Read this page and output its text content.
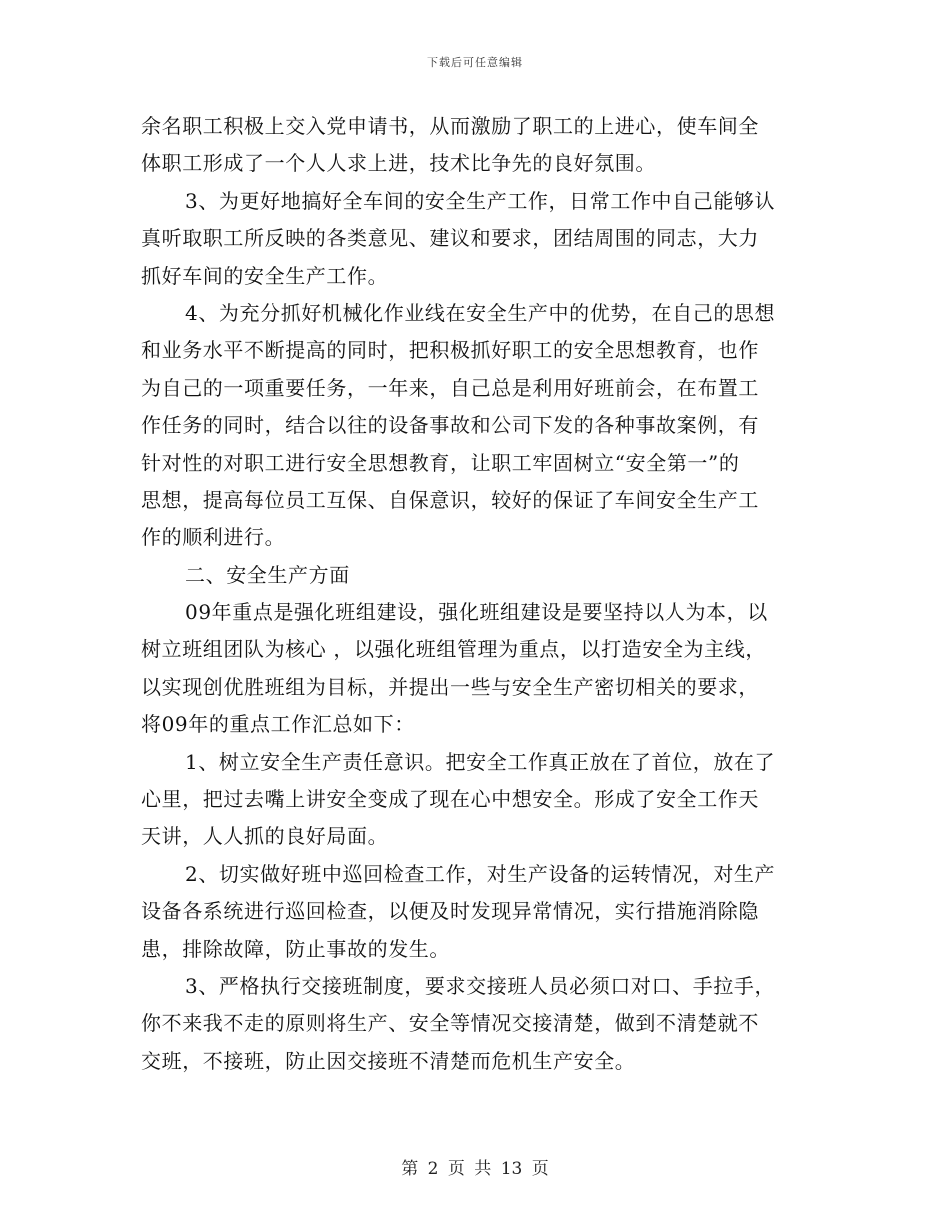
下载后可任意编辑
余名职工积极上交入党申请书，从而激励了职工的上进心，使车间全
体职工形成了一个人人求上进，技术比争先的良好氛围。
3、为更好地搞好全车间的安全生产工作，日常工作中自己能够认
真听取职工所反映的各类意见、建议和要求，团结周围的同志，大力
抓好车间的安全生产工作。
4、为充分抓好机械化作业线在安全生产中的优势，在自己的思想
和业务水平不断提高的同时，把积极抓好职工的安全思想教育，也作
为自己的一项重要任务，一年来，自己总是利用好班前会，在布置工
作任务的同时，结合以往的设备事故和公司下发的各种事故案例，有
针对性的对职工进行安全思想教育，让职工牢固树立“安全第一”的
思想，提高每位员工互保、自保意识，较好的保证了车间安全生产工
作的顺利进行。
二、安全生产方面
09年重点是强化班组建设，强化班组建设是要坚持以人为本，以
树立班组团队为核心 ，以强化班组管理为重点，以打造安全为主线，
以实现创优胜班组为目标，并提出一些与安全生产密切相关的要求，
将09年的重点工作汇总如下：
1、树立安全生产责任意识。把安全工作真正放在了首位，放在了
心里，把过去嘴上讲安全变成了现在心中想安全。形成了安全工作天
天讲，人人抓的良好局面。
2、切实做好班中巡回检查工作，对生产设备的运转情况，对生产
设备各系统进行巡回检查，以便及时发现异常情况，实行措施消除隐
患，排除故障，防止事故的发生。
3、严格执行交接班制度，要求交接班人员必须口对口、手拉手，
你不来我不走的原则将生产、安全等情况交接清楚，做到不清楚就不
交班，不接班，防止因交接班不清楚而危机生产安全。
第 2 页 共 13 页
